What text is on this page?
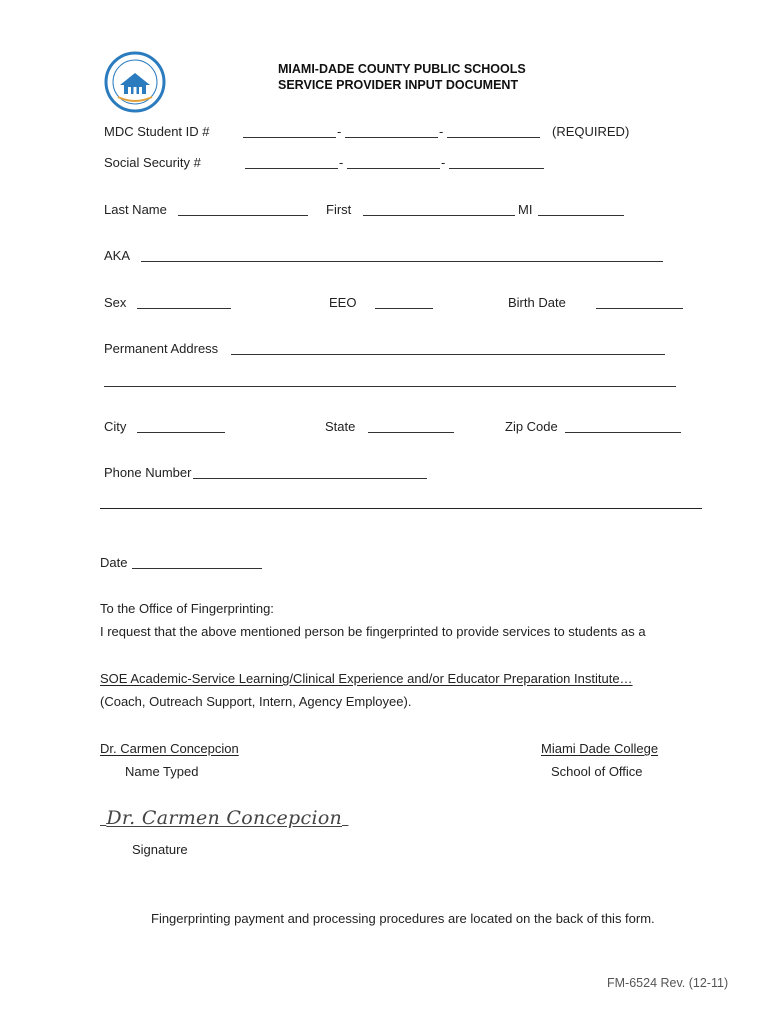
MIAMI-DADE COUNTY PUBLIC SCHOOLS
SERVICE PROVIDER INPUT DOCUMENT
MDC Student ID #	-	-	(REQUIRED)
Social Security #	-	-
Last Name	First	MI
AKA
Sex	EEO	Birth Date
Permanent Address
City	State	Zip Code
Phone Number
Date
To the Office of Fingerprinting:
I request that the above mentioned person be fingerprinted to provide services to students as a
SOE Academic-Service Learning/Clinical Experience and/or Educator Preparation Institute…
(Coach, Outreach Support, Intern, Agency Employee).
Dr. Carmen Concepcion
Name Typed
Miami Dade College
School of Office
Dr. Carmen Concepcion
Signature
Fingerprinting payment and processing procedures are located on the back of this form.
FM-6524 Rev. (12-11)
